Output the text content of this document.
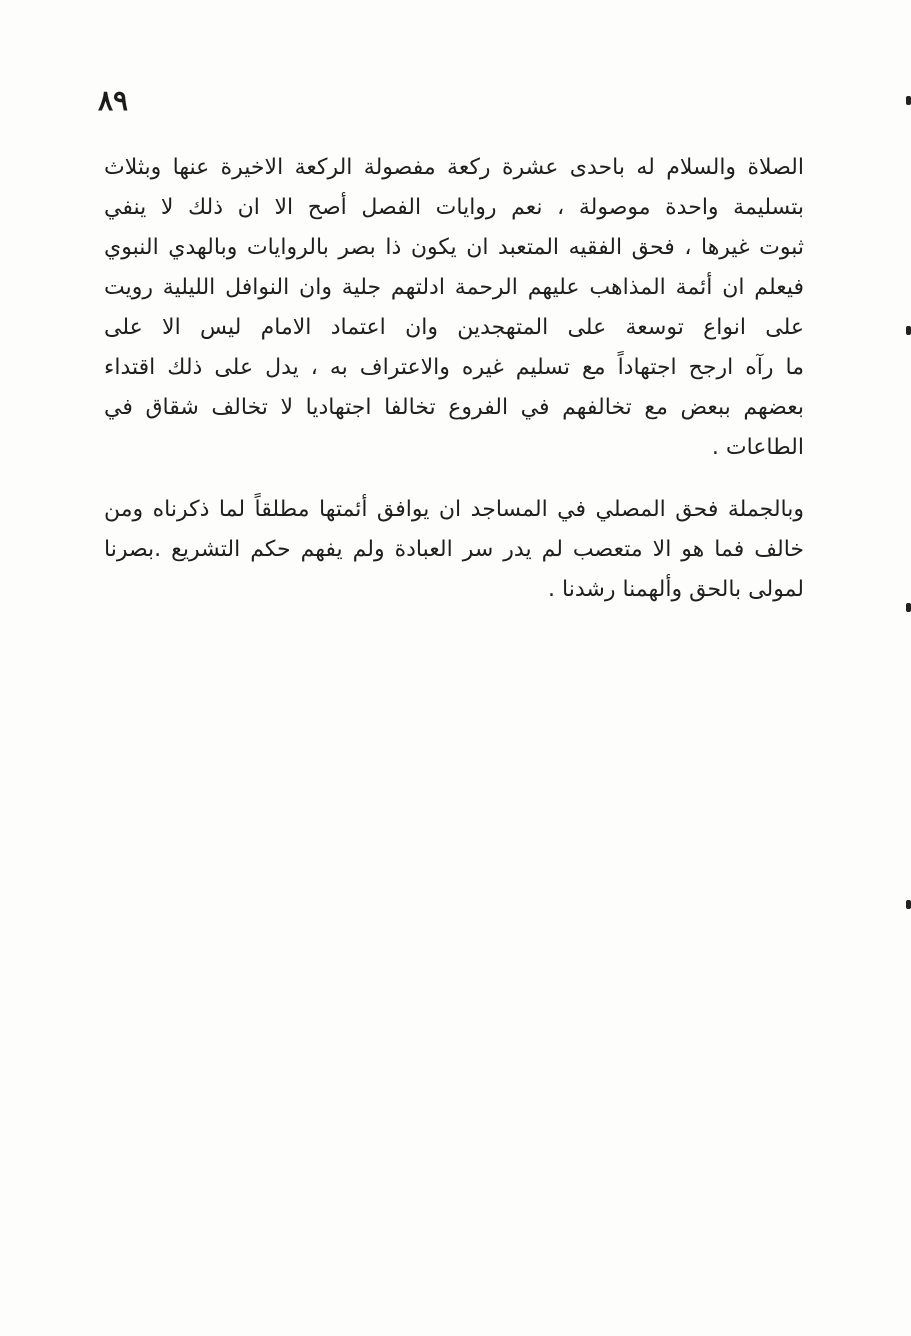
٨٩
الصلاة والسلام له باحدى عشرة ركعة مفصولة الركعة الاخيرة عنها وبثلاث
بتسليمة واحدة موصولة ، نعم روايات الفصل أصح الا ان ذلك لا ينفي
ثبوت غيرها ، فحق الفقيه المتعبد ان يكون ذا بصر بالروايات وبالهدي النبوي
فيعلم ان أئمة المذاهب عليهم الرحمة ادلتهم جلية وان النوافل الليلية رويت
على انواع توسعة على المتهجدين وان اعتماد الامام ليس الا على
ما رآه ارجح اجتهاداً مع تسليم غيره والاعتراف به ، يدل على ذلك اقتداء
بعضهم ببعض مع تخالفهم في الفروع تخالفا اجتهاديا لا تخالف شقاق في
الطاعات .
وبالجملة فحق المصلي في المساجد ان يوافق أئمتها مطلقاً لما ذكرناه ومن
خالف فما هو الا متعصب لم يدر سر العبادة ولم يفهم حكم التشريع .بصرنا
لمولى بالحق وألهمنا رشدنا .
